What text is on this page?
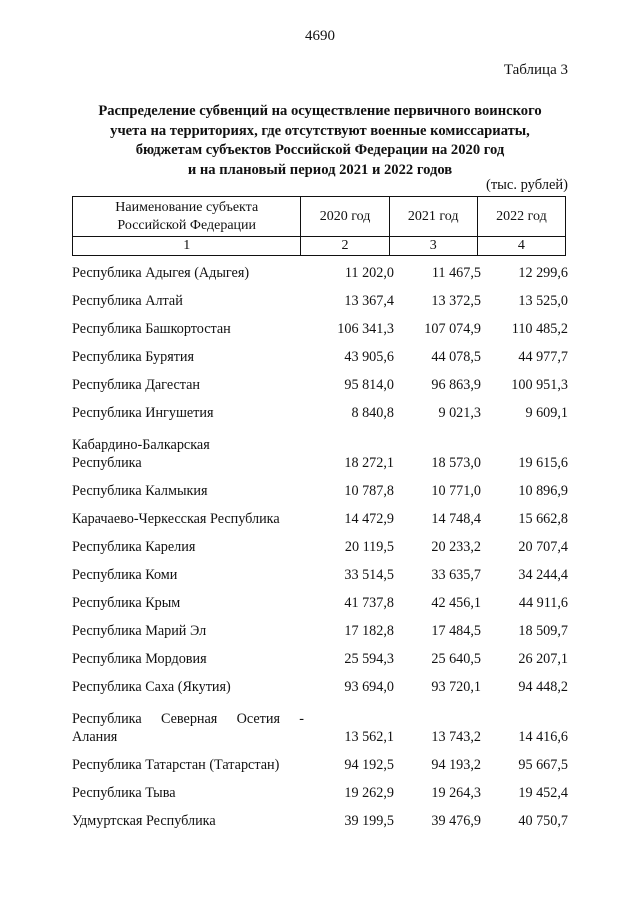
4690
Таблица 3
Распределение субвенций на осуществление первичного воинского
учета на территориях, где отсутствуют военные комиссариаты,
бюджетам субъектов Российской Федерации на 2020 год
и на плановый период 2021 и 2022 годов
(тыс. рублей)
Наименование субъекта
Российской Федерации	2020 год	2021 год	2022 год
1	2	3	4
Республика Адыгея (Адыгея)	11 202,0	11 467,5	12 299,6
Республика Алтай	13 367,4	13 372,5	13 525,0
Республика Башкортостан	106 341,3	107 074,9	110 485,2
Республика Бурятия	43 905,6	44 078,5	44 977,7
Республика Дагестан	95 814,0	96 863,9	100 951,3
Республика Ингушетия	8 840,8	9 021,3	9 609,1
Кабардино-Балкарская
Республика	18 272,1	18 573,0	19 615,6
Республика Калмыкия	10 787,8	10 771,0	10 896,9
Карачаево-Черкесская Республика	14 472,9	14 748,4	15 662,8
Республика Карелия	20 119,5	20 233,2	20 707,4
Республика Коми	33 514,5	33 635,7	34 244,4
Республика Крым	41 737,8	42 456,1	44 911,6
Республика Марий Эл	17 182,8	17 484,5	18 509,7
Республика Мордовия	25 594,3	25 640,5	26 207,1
Республика Саха (Якутия)	93 694,0	93 720,1	94 448,2
Республика Северная Осетия -
Алания	13 562,1	13 743,2	14 416,6
Республика Татарстан (Татарстан)	94 192,5	94 193,2	95 667,5
Республика Тыва	19 262,9	19 264,3	19 452,4
Удмуртская Республика	39 199,5	39 476,9	40 750,7
